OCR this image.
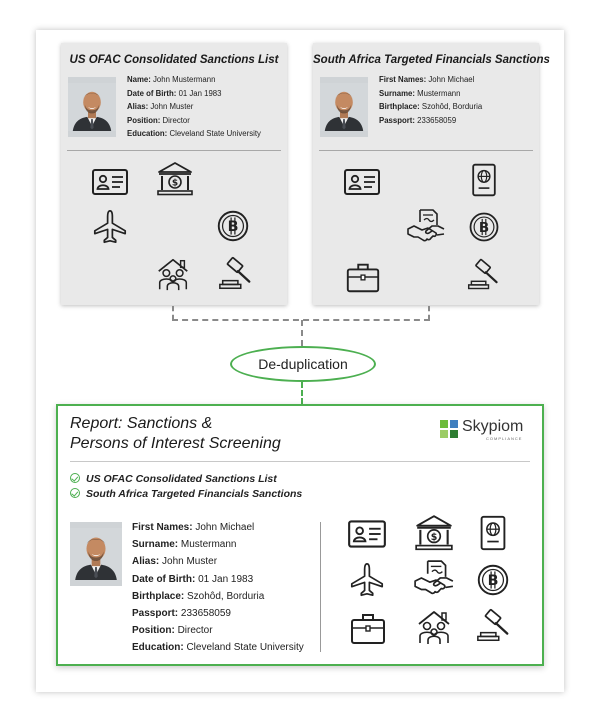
US OFAC Consolidated Sanctions List
Name: John Mustermann
Date of Birth: 01 Jan 1983
Alias: John Muster
Position: Director
Education: Cleveland State University
South Africa Targeted Financials Sanctions
First Names: John Michael
Surname: Mustermann
Birthplace: Szohôd, Borduria
Passport: 233658059
De-duplication
Report: Sanctions &
Persons of Interest Screening
Skypiom
COMPLIANCE
US OFAC Consolidated Sanctions List
South Africa Targeted Financials Sanctions
First Names: John Michael
Surname: Mustermann
Alias: John Muster
Date of Birth: 01 Jan 1983
Birthplace: Szohôd, Borduria
Passport: 233658059
Position: Director
Education: Cleveland State University
